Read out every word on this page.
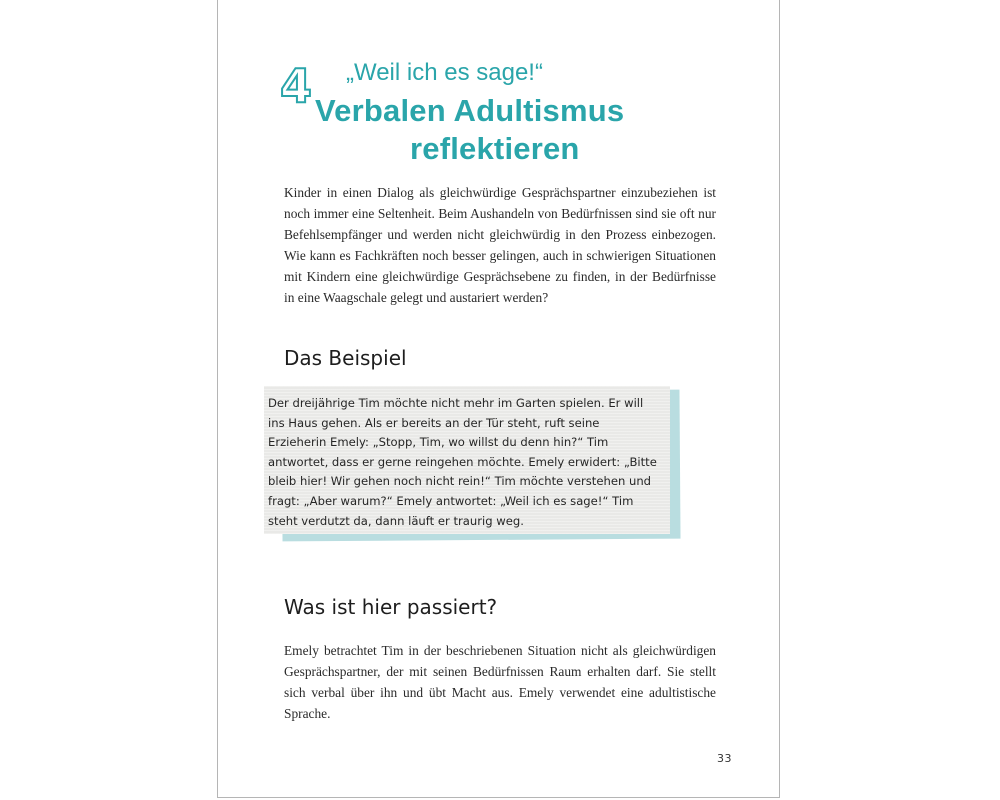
4 „Weil ich es sage!“
Verbalen Adultismus
reflektieren
Kinder in einen Dialog als gleichwürdige Gesprächspartner einzubeziehen ist noch immer eine Seltenheit. Beim Aushandeln von Bedürfnissen sind sie oft nur Befehlsempfänger und werden nicht gleichwürdig in den Prozess einbezogen. Wie kann es Fachkräften noch besser gelingen, auch in schwierigen Situationen mit Kindern eine gleichwürdige Gesprächsebene zu finden, in der Bedürfnisse in eine Waagschale gelegt und austariert werden?
Das Beispiel
Der dreijährige Tim möchte nicht mehr im Garten spielen. Er will ins Haus gehen. Als er bereits an der Tür steht, ruft seine Erzieherin Emely: „Stopp, Tim, wo willst du denn hin?“ Tim antwortet, dass er gerne reingehen möchte. Emely erwidert: „Bitte bleib hier! Wir gehen noch nicht rein!“ Tim möchte verstehen und fragt: „Aber warum?“ Emely antwortet: „Weil ich es sage!“ Tim steht verdutzt da, dann läuft er traurig weg.
Was ist hier passiert?
Emely betrachtet Tim in der beschriebenen Situation nicht als gleichwürdigen Gesprächspartner, der mit seinen Bedürfnissen Raum erhalten darf. Sie stellt sich verbal über ihn und übt Macht aus. Emely verwendet eine adultistische Sprache.
33
